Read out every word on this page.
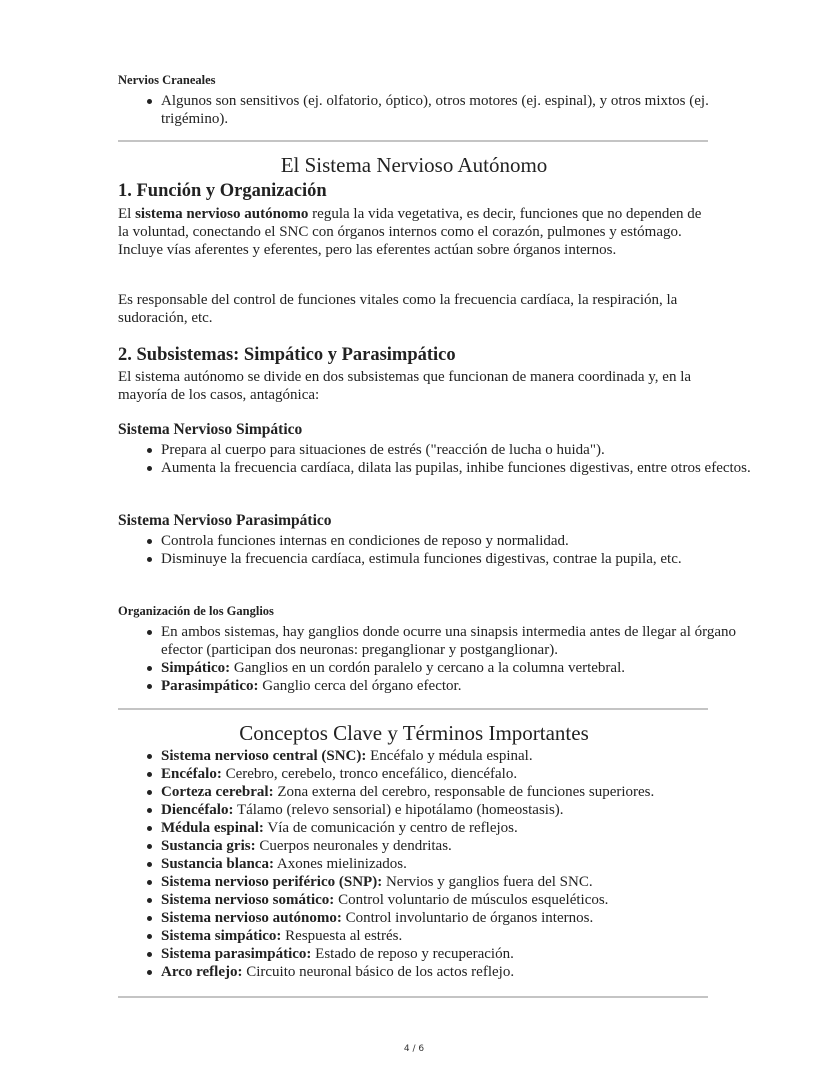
Nervios Craneales
Algunos son sensitivos (ej. olfatorio, óptico), otros motores (ej. espinal), y otros mixtos (ej. trigémino).
El Sistema Nervioso Autónomo
1. Función y Organización

El sistema nervioso autónomo regula la vida vegetativa, es decir, funciones que no dependen de la voluntad, conectando el SNC con órganos internos como el corazón, pulmones y estómago. Incluye vías aferentes y eferentes, pero las eferentes actúan sobre órganos internos.

Es responsable del control de funciones vitales como la frecuencia cardíaca, la respiración, la sudoración, etc.

2. Subsistemas: Simpático y Parasimpático

El sistema autónomo se divide en dos subsistemas que funcionan de manera coordinada y, en la mayoría de los casos, antagónica:

Sistema Nervioso Simpático
Prepara al cuerpo para situaciones de estrés ("reacción de lucha o huida").
Aumenta la frecuencia cardíaca, dilata las pupilas, inhibe funciones digestivas, entre otros efectos.
Sistema Nervioso Parasimpático
Controla funciones internas en condiciones de reposo y normalidad.
Disminuye la frecuencia cardíaca, estimula funciones digestivas, contrae la pupila, etc.
Organización de los Ganglios
En ambos sistemas, hay ganglios donde ocurre una sinapsis intermedia antes de llegar al órgano efector (participan dos neuronas: preganglionar y postganglionar).
Simpático: Ganglios en un cordón paralelo y cercano a la columna vertebral.
Parasimpático: Ganglio cerca del órgano efector.
Conceptos Clave y Términos Importantes
Sistema nervioso central (SNC): Encéfalo y médula espinal.
Encéfalo: Cerebro, cerebelo, tronco encefálico, diencéfalo.
Corteza cerebral: Zona externa del cerebro, responsable de funciones superiores.
Diencéfalo: Tálamo (relevo sensorial) e hipotálamo (homeostasis).
Médula espinal: Vía de comunicación y centro de reflejos.
Sustancia gris: Cuerpos neuronales y dendritas.
Sustancia blanca: Axones mielinizados.
Sistema nervioso periférico (SNP): Nervios y ganglios fuera del SNC.
Sistema nervioso somático: Control voluntario de músculos esqueléticos.
Sistema nervioso autónomo: Control involuntario de órganos internos.
Sistema simpático: Respuesta al estrés.
Sistema parasimpático: Estado de reposo y recuperación.
Arco reflejo: Circuito neuronal básico de los actos reflejo.
4 / 6
